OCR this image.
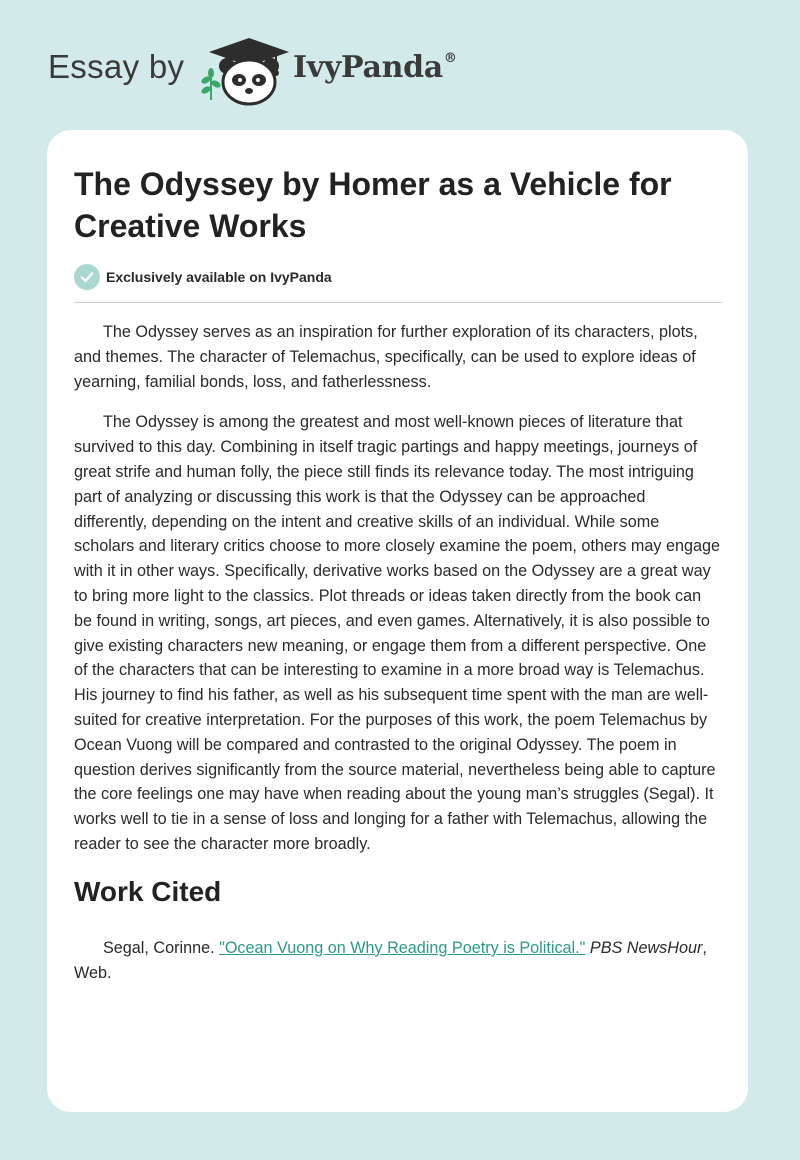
Essay by	IvyPanda®
The Odyssey by Homer as a Vehicle for Creative Works
Exclusively available on IvyPanda

The Odyssey serves as an inspiration for further exploration of its characters, plots, and themes. The character of Telemachus, specifically, can be used to explore ideas of yearning, familial bonds, loss, and fatherlessness.

The Odyssey is among the greatest and most well-known pieces of literature that survived to this day. Combining in itself tragic partings and happy meetings, journeys of great strife and human folly, the piece still finds its relevance today. The most intriguing part of analyzing or discussing this work is that the Odyssey can be approached differently, depending on the intent and creative skills of an individual. While some scholars and literary critics choose to more closely examine the poem, others may engage with it in other ways. Specifically, derivative works based on the Odyssey are a great way to bring more light to the classics. Plot threads or ideas taken directly from the book can be found in writing, songs, art pieces, and even games. Alternatively, it is also possible to give existing characters new meaning, or engage them from a different perspective. One of the characters that can be interesting to examine in a more broad way is Telemachus. His journey to find his father, as well as his subsequent time spent with the man are well-suited for creative interpretation. For the purposes of this work, the poem Telemachus by Ocean Vuong will be compared and contrasted to the original Odyssey. The poem in question derives significantly from the source material, nevertheless being able to capture the core feelings one may have when reading about the young man’s struggles (Segal). It works well to tie in a sense of loss and longing for a father with Telemachus, allowing the reader to see the character more broadly.

Work Cited
Segal, Corinne. "Ocean Vuong on Why Reading Poetry is Political." PBS NewsHour, Web.
